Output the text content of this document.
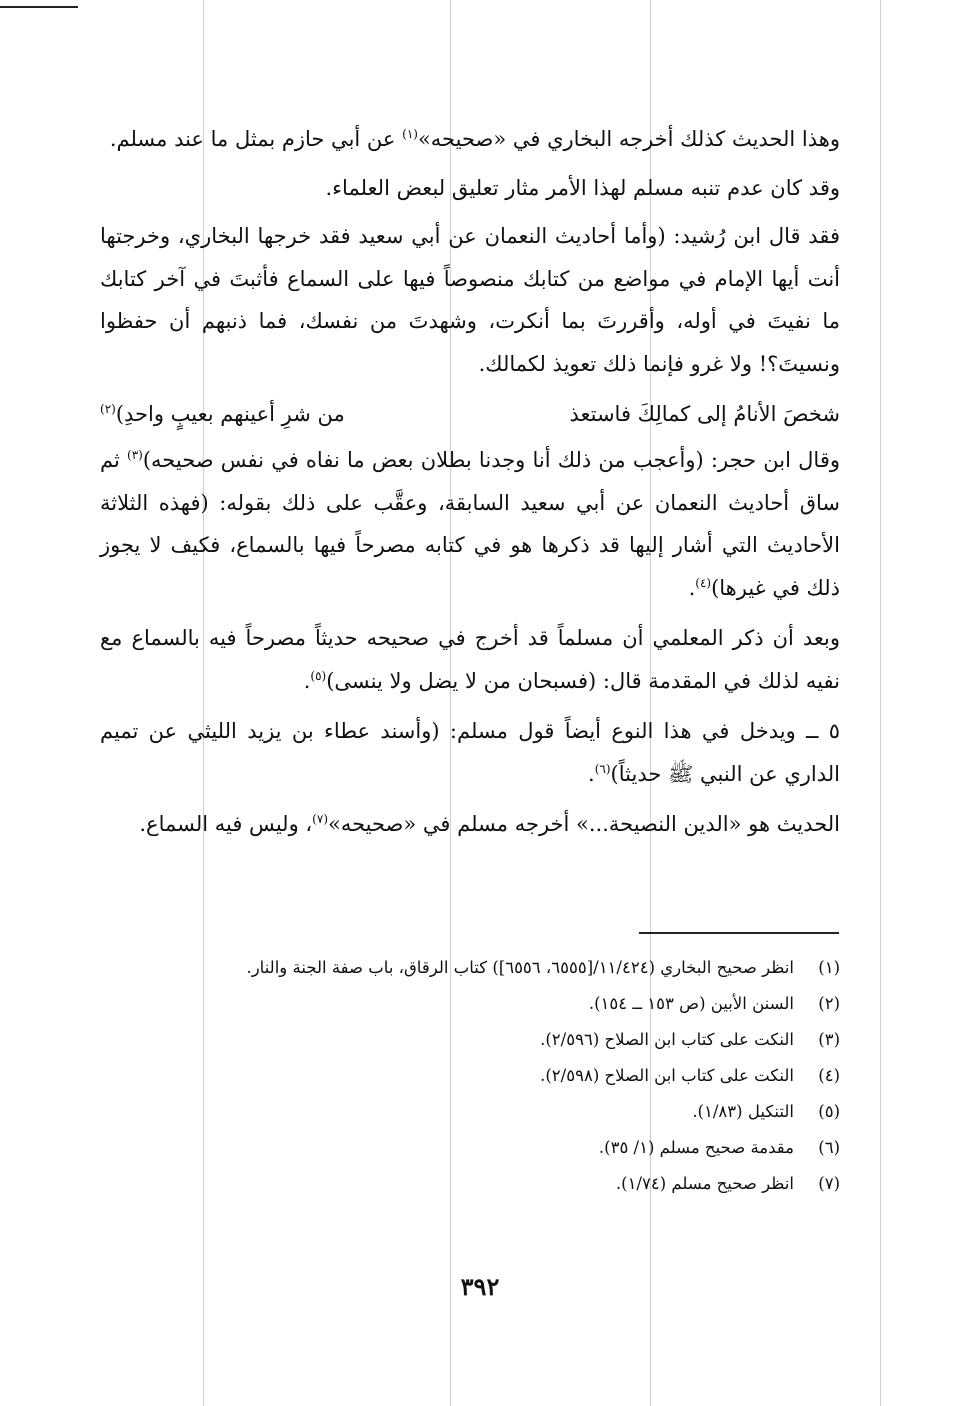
وهذا الحديث كذلك أخرجه البخاري في «صحيحه»$^{(١)}$ عن أبي حازم بمثل ما عند مسلم.

وقد كان عدم تنبه مسلم لهذا الأمر مثار تعليق لبعض العلماء.

فقد قال ابن رُشيد: (وأما أحاديث النعمان عن أبي سعيد فقد خرجها البخاري، وخرجتها أنت أيها الإمام في مواضع من كتابك منصوصاً فيها على السماع فأثبتَ في آخر كتابك ما نفيتَ في أوله، وأقررتَ بما أنكرت، وشهدتَ من نفسك، فما ذنبهم أن حفظوا ونسيتَ؟! ولا غرو فإنما ذلك تعويذ لكمالك.

شخصَ الأنامُ إلى كمالِكَ فاستعذ
من شرِ أعينهم بعيبٍ واحدِ)$^{(٢)}$

وقال ابن حجر: (وأعجب من ذلك أنا وجدنا بطلان بعض ما نفاه في نفس صحيحه)$^{(٣)}$ ثم ساق أحاديث النعمان عن أبي سعيد السابقة، وعقَّب على ذلك بقوله: (فهذه الثلاثة الأحاديث التي أشار إليها قد ذكرها هو في كتابه مصرحاً فيها بالسماع، فكيف لا يجوز ذلك في غيرها)$^{(٤)}$.

وبعد أن ذكر المعلمي أن مسلماً قد أخرج في صحيحه حديثاً مصرحاً فيه بالسماع مع نفيه لذلك في المقدمة قال: (فسبحان من لا يضل ولا ينسى)$^{(٥)}$.

٥ ــ ويدخل في هذا النوع أيضاً قول مسلم: (وأسند عطاء بن يزيد الليثي عن تميم الداري عن النبي ﷺ حديثاً)$^{(٦)}$.

الحديث هو «الدين النصيحة...» أخرجه مسلم في «صحيحه»$^{(٧)}$، وليس فيه السماع.

(١)
انظر صحيح البخاري (١١/٤٢٤/[٦٥٥٥، ٦٥٥٦]) كتاب الرقاق، باب صفة الجنة والنار.
(٢)
السنن الأبين (ص ١٥٣ ــ ١٥٤).
(٣)
النكت على كتاب ابن الصلاح (٢/٥٩٦).
(٤)
النكت على كتاب ابن الصلاح (٢/٥٩٨).
(٥)
التنكيل (١/٨٣).
(٦)
مقدمة صحيح مسلم (١/ ٣٥).
(٧)
انظر صحيح مسلم (١/٧٤).
٣٩٢
